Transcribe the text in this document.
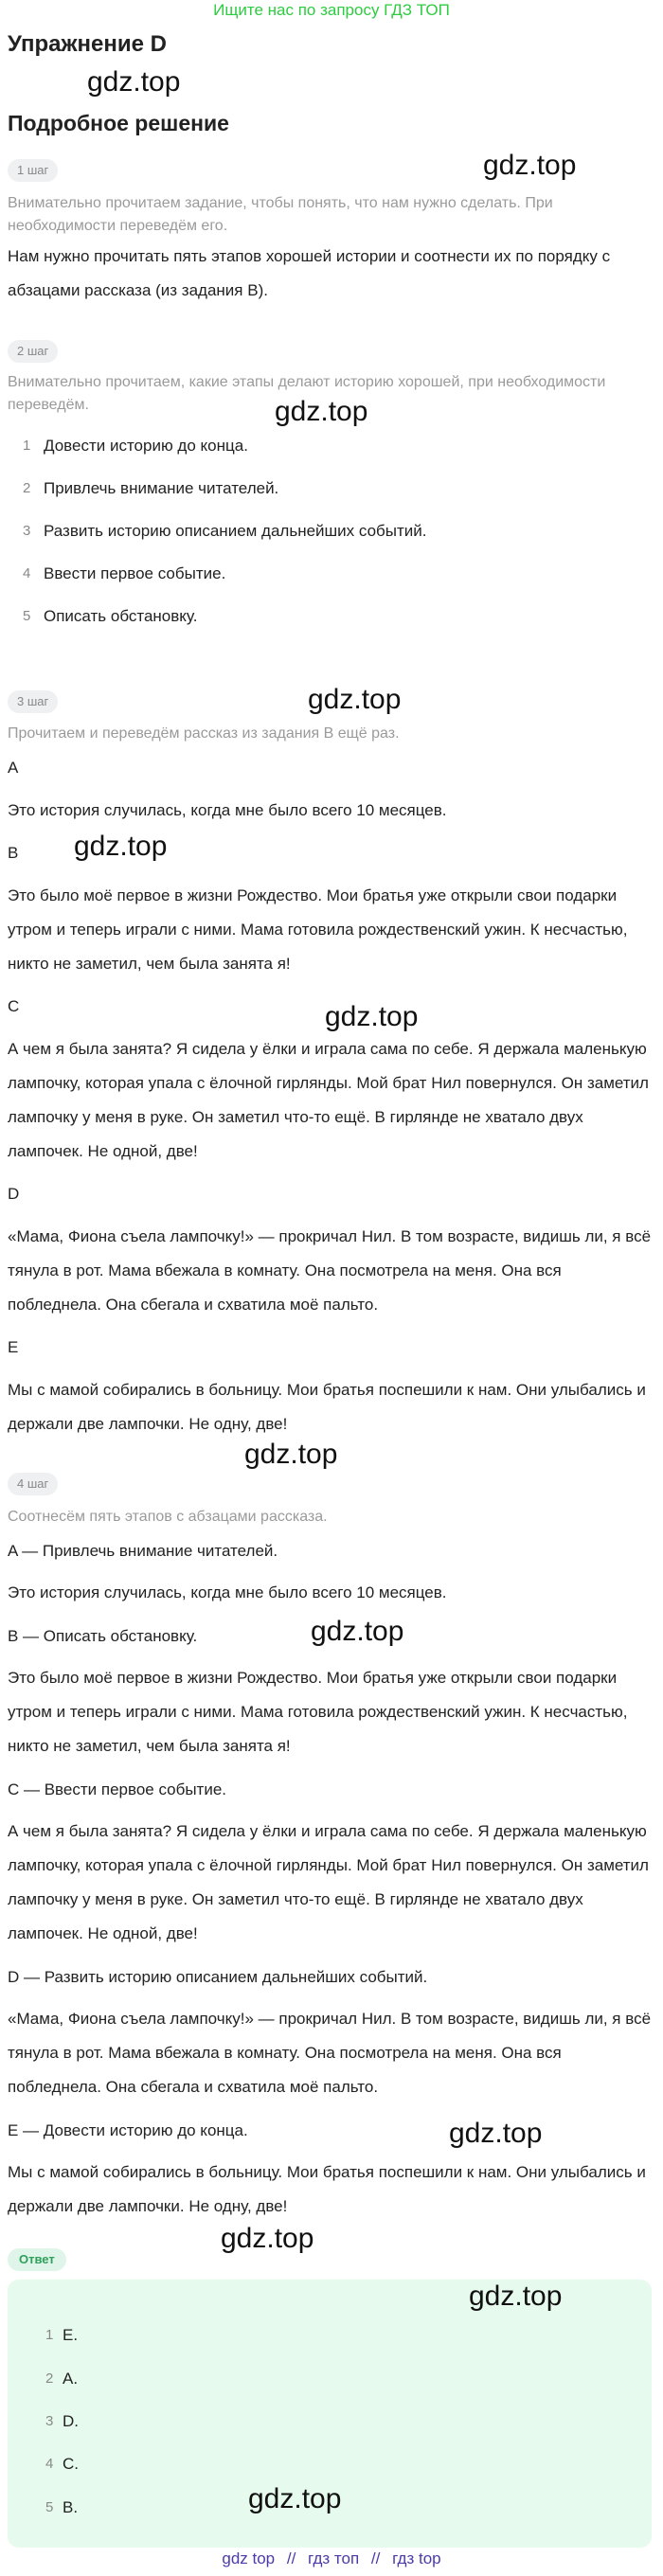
Ищите нас по запросу ГДЗ ТОП
Упражнение D
gdz.top
Подробное решение
gdz.top
1 шаг
Внимательно прочитаем задание, чтобы понять, что нам нужно сделать. При необходимости переведём его.
Нам нужно прочитать пять этапов хорошей истории и соотнести их по порядку с абзацами рассказа (из задания B).
2 шаг
Внимательно прочитаем, какие этапы делают историю хорошей, при необходимости переведём.	gdz.top
1 Довести историю до конца.
2 Привлечь внимание читателей.
3 Развить историю описанием дальнейших событий.
4 Ввести первое событие.
5 Описать обстановку.
gdz.top
3 шаг
Прочитаем и переведём рассказ из задания B ещё раз.
A
Это история случилась, когда мне было всего 10 месяцев.
gdz.top
B
Это было моё первое в жизни Рождество. Мои братья уже открыли свои подарки утром и теперь играли с ними. Мама готовила рождественский ужин. К несчастью, никто не заметил, чем была занята я!
C	gdz.top
А чем я была занята? Я сидела у ёлки и играла сама по себе. Я держала маленькую лампочку, которая упала с ёлочной гирлянды. Мой брат Нил повернулся. Он заметил лампочку у меня в руке. Он заметил что-то ещё. В гирлянде не хватало двух лампочек. Не одной, две!
D
«Мама, Фиона съела лампочку!» — прокричал Нил. В том возрасте, видишь ли, я всё тянула в рот. Мама вбежала в комнату. Она посмотрела на меня. Она вся побледнела. Она сбегала и схватила моё пальто.
E
Мы с мамой собирались в больницу. Мои братья поспешили к нам. Они улыбались и держали две лампочки. Не одну, две!
gdz.top
4 шаг
Соотнесём пять этапов с абзацами рассказа.
A — Привлечь внимание читателей.
Это история случилась, когда мне было всего 10 месяцев.
B — Описать обстановку.	gdz.top
Это было моё первое в жизни Рождество. Мои братья уже открыли свои подарки утром и теперь играли с ними. Мама готовила рождественский ужин. К несчастью, никто не заметил, чем была занята я!
C — Ввести первое событие.
А чем я была занята? Я сидела у ёлки и играла сама по себе. Я держала маленькую лампочку, которая упала с ёлочной гирлянды. Мой брат Нил повернулся. Он заметил лампочку у меня в руке. Он заметил что-то ещё. В гирлянде не хватало двух лампочек. Не одной, две!
D — Развить историю описанием дальнейших событий.
«Мама, Фиона съела лампочку!» — прокричал Нил. В том возрасте, видишь ли, я всё тянула в рот. Мама вбежала в комнату. Она посмотрела на меня. Она вся побледнела. Она сбегала и схватила моё пальто.
gdz.top
E — Довести историю до конца.
Мы с мамой собирались в больницу. Мои братья поспешили к нам. Они улыбались и держали две лампочки. Не одну, две!
gdz.top
Ответ
gdz.top
1 E.
2 A.
3 D.
4 C.
5 B.	gdz.top
gdz top // гдз топ // гдз top
